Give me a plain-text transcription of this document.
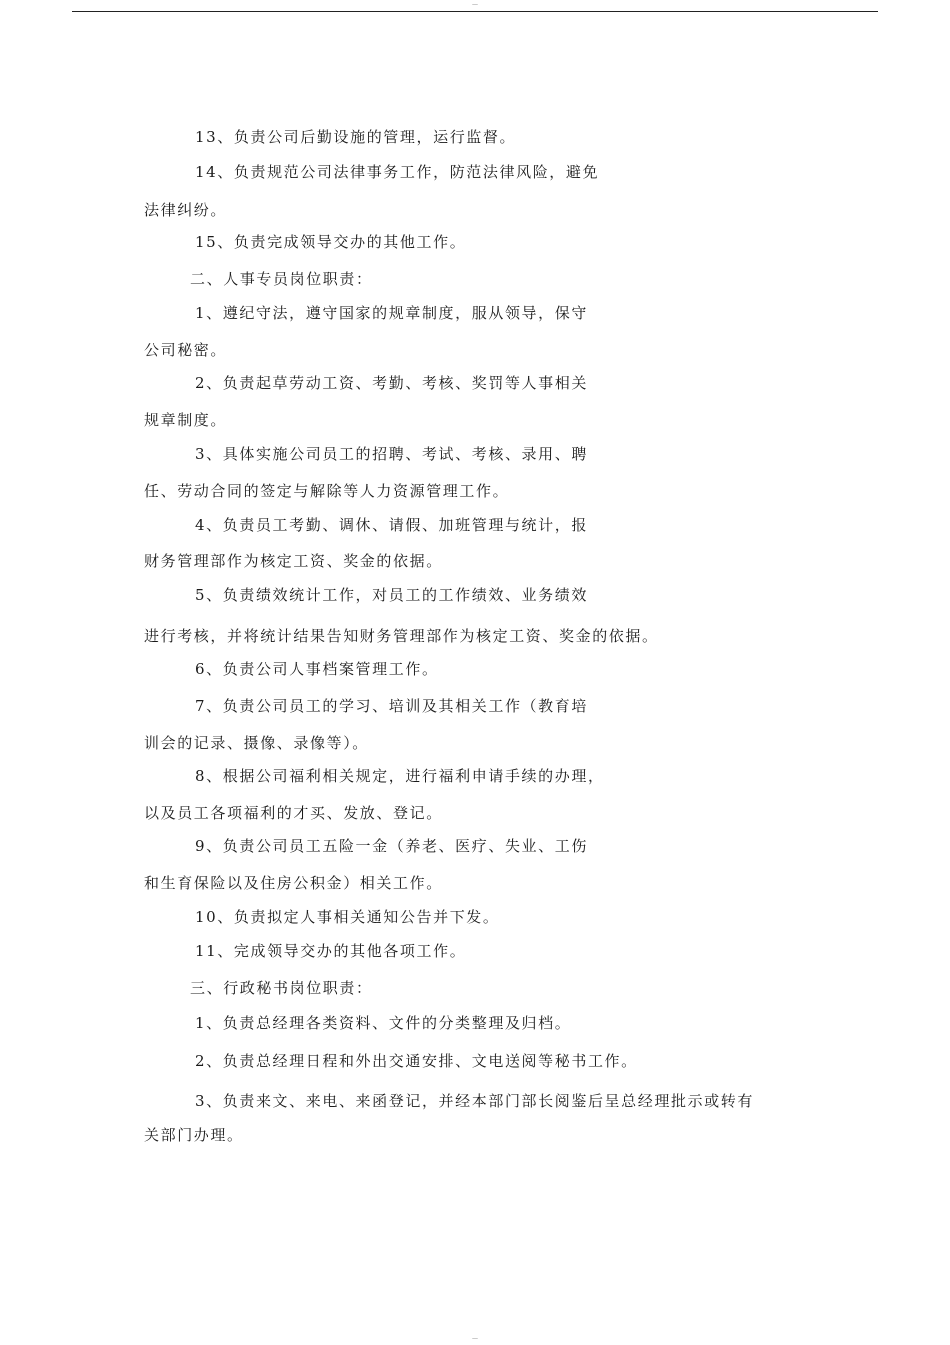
—
13、负责公司后勤设施的管理，运行监督。
14、负责规范公司法律事务工作，防范法律风险，避免
法律纠纷。
15、负责完成领导交办的其他工作。
二、人事专员岗位职责：
1、遵纪守法，遵守国家的规章制度，服从领导，保守
公司秘密。
2、负责起草劳动工资、考勤、考核、奖罚等人事相关
规章制度。
3、具体实施公司员工的招聘、考试、考核、录用、聘
任、劳动合同的签定与解除等人力资源管理工作。
4、负责员工考勤、调休、请假、加班管理与统计，报
财务管理部作为核定工资、奖金的依据。
5、负责绩效统计工作，对员工的工作绩效、业务绩效
进行考核，并将统计结果告知财务管理部作为核定工资、奖金的依据。
6、负责公司人事档案管理工作。
7、负责公司员工的学习、培训及其相关工作（教育培
训会的记录、摄像、录像等）。
8、根据公司福利相关规定，进行福利申请手续的办理，
以及员工各项福利的才买、发放、登记。
9、负责公司员工五险一金（养老、医疗、失业、工伤
和生育保险以及住房公积金）相关工作。
10、负责拟定人事相关通知公告并下发。
11、完成领导交办的其他各项工作。
三、行政秘书岗位职责：
1、负责总经理各类资料、文件的分类整理及归档。
2、负责总经理日程和外出交通安排、文电送阅等秘书工作。
3、负责来文、来电、来函登记，并经本部门部长阅鉴后呈总经理批示或转有
关部门办理。
—
